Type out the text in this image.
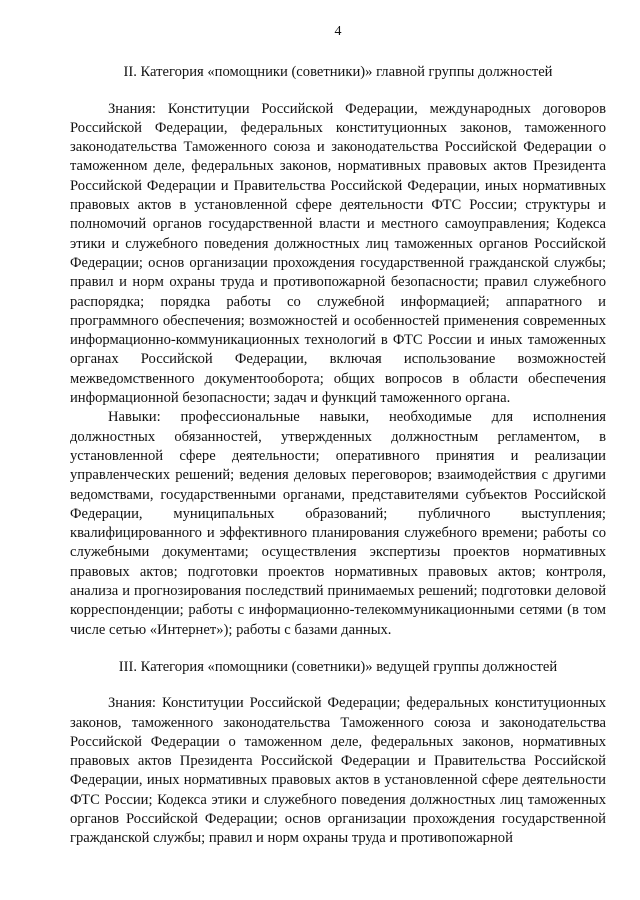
4
II. Категория «помощники (советники)» главной группы должностей

Знания: Конституции Российской Федерации, международных договоров Российской Федерации, федеральных конституционных законов, таможенного законодательства Таможенного союза и законодательства Российской Федерации о таможенном деле, федеральных законов, нормативных правовых актов Президента Российской Федерации и Правительства Российской Федерации, иных нормативных правовых актов в установленной сфере деятельности ФТС России; структуры и полномочий органов государственной власти и местного самоуправления; Кодекса этики и служебного поведения должностных лиц таможенных органов Российской Федерации; основ организации прохождения государственной гражданской службы; правил и норм охраны труда и противопожарной безопасности; правил служебного распорядка; порядка работы со служебной информацией; аппаратного и программного обеспечения; возможностей и особенностей применения современных информационно-коммуникационных технологий в ФТС России и иных таможенных органах Российской Федерации, включая использование возможностей межведомственного документооборота; общих вопросов в области обеспечения информационной безопасности; задач и функций таможенного органа.

Навыки: профессиональные навыки, необходимые для исполнения должностных обязанностей, утвержденных должностным регламентом, в установленной сфере деятельности; оперативного принятия и реализации управленческих решений; ведения деловых переговоров; взаимодействия с другими ведомствами, государственными органами, представителями субъектов Российской Федерации, муниципальных образований; публичного выступления; квалифицированного и эффективного планирования служебного времени; работы со служебными документами; осуществления экспертизы проектов нормативных правовых актов; подготовки проектов нормативных правовых актов; контроля, анализа и прогнозирования последствий принимаемых решений; подготовки деловой корреспонденции; работы с информационно-телекоммуникационными сетями (в том числе сетью «Интернет»); работы с базами данных.

III. Категория «помощники (советники)» ведущей группы должностей

Знания: Конституции Российской Федерации; федеральных конституционных законов, таможенного законодательства Таможенного союза и законодательства Российской Федерации о таможенном деле, федеральных законов, нормативных правовых актов Президента Российской Федерации и Правительства Российской Федерации, иных нормативных правовых актов в установленной сфере деятельности ФТС России; Кодекса этики и служебного поведения должностных лиц таможенных органов Российской Федерации; основ организации прохождения государственной гражданской службы; правил и норм охраны труда и противопожарной
